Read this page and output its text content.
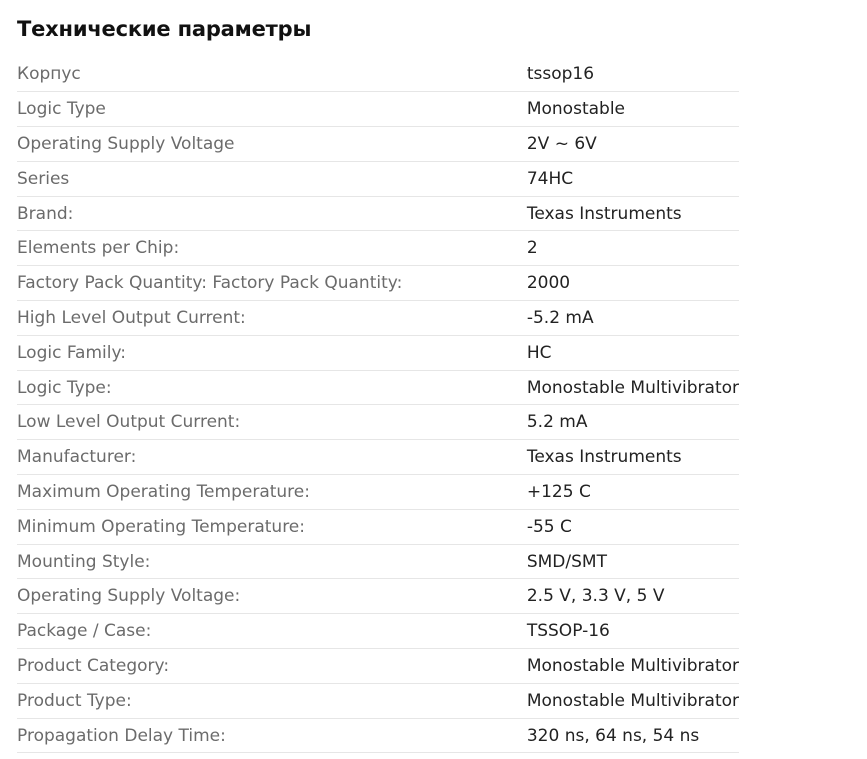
Технические параметры
Корпус	tssop16
Logic Type	Monostable
Operating Supply Voltage	2V ~ 6V
Series	74HC
Brand:	Texas Instruments
Elements per Chip:	2
Factory Pack Quantity: Factory Pack Quantity:	2000
High Level Output Current:	-5.2 mA
Logic Family:	HC
Logic Type:	Monostable Multivibrator
Low Level Output Current:	5.2 mA
Manufacturer:	Texas Instruments
Maximum Operating Temperature:	+125 C
Minimum Operating Temperature:	-55 C
Mounting Style:	SMD/SMT
Operating Supply Voltage:	2.5 V, 3.3 V, 5 V
Package / Case:	TSSOP-16
Product Category:	Monostable Multivibrator
Product Type:	Monostable Multivibrator
Propagation Delay Time:	320 ns, 64 ns, 54 ns
